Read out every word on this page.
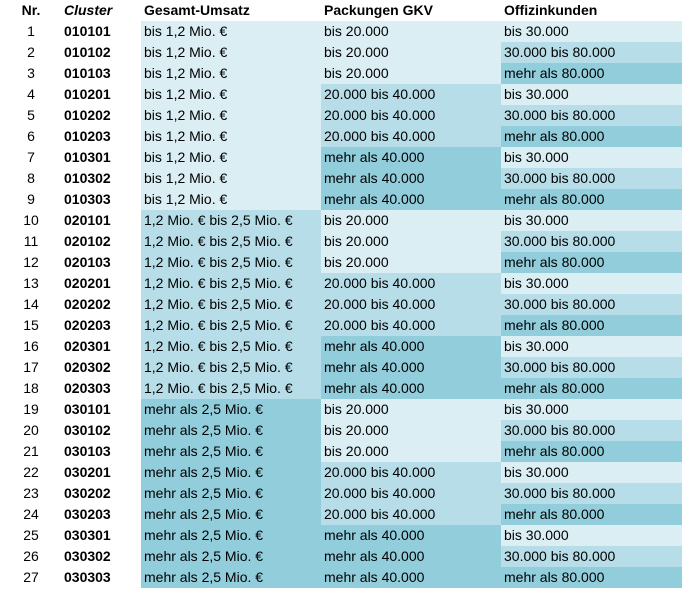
Nr.	Cluster	Gesamt-Umsatz	Packungen GKV	Offizinkunden
1	010101	bis 1,2 Mio. €	bis 20.000	bis 30.000
2	010102	bis 1,2 Mio. €	bis 20.000	30.000 bis 80.000
3	010103	bis 1,2 Mio. €	bis 20.000	mehr als 80.000
4	010201	bis 1,2 Mio. €	20.000 bis 40.000	bis 30.000
5	010202	bis 1,2 Mio. €	20.000 bis 40.000	30.000 bis 80.000
6	010203	bis 1,2 Mio. €	20.000 bis 40.000	mehr als 80.000
7	010301	bis 1,2 Mio. €	mehr als 40.000	bis 30.000
8	010302	bis 1,2 Mio. €	mehr als 40.000	30.000 bis 80.000
9	010303	bis 1,2 Mio. €	mehr als 40.000	mehr als 80.000
10	020101	1,2 Mio. € bis 2,5 Mio. €	bis 20.000	bis 30.000
11	020102	1,2 Mio. € bis 2,5 Mio. €	bis 20.000	30.000 bis 80.000
12	020103	1,2 Mio. € bis 2,5 Mio. €	bis 20.000	mehr als 80.000
13	020201	1,2 Mio. € bis 2,5 Mio. €	20.000 bis 40.000	bis 30.000
14	020202	1,2 Mio. € bis 2,5 Mio. €	20.000 bis 40.000	30.000 bis 80.000
15	020203	1,2 Mio. € bis 2,5 Mio. €	20.000 bis 40.000	mehr als 80.000
16	020301	1,2 Mio. € bis 2,5 Mio. €	mehr als 40.000	bis 30.000
17	020302	1,2 Mio. € bis 2,5 Mio. €	mehr als 40.000	30.000 bis 80.000
18	020303	1,2 Mio. € bis 2,5 Mio. €	mehr als 40.000	mehr als 80.000
19	030101	mehr als 2,5 Mio. €	bis 20.000	bis 30.000
20	030102	mehr als 2,5 Mio. €	bis 20.000	30.000 bis 80.000
21	030103	mehr als 2,5 Mio. €	bis 20.000	mehr als 80.000
22	030201	mehr als 2,5 Mio. €	20.000 bis 40.000	bis 30.000
23	030202	mehr als 2,5 Mio. €	20.000 bis 40.000	30.000 bis 80.000
24	030203	mehr als 2,5 Mio. €	20.000 bis 40.000	mehr als 80.000
25	030301	mehr als 2,5 Mio. €	mehr als 40.000	bis 30.000
26	030302	mehr als 2,5 Mio. €	mehr als 40.000	30.000 bis 80.000
27	030303	mehr als 2,5 Mio. €	mehr als 40.000	mehr als 80.000
